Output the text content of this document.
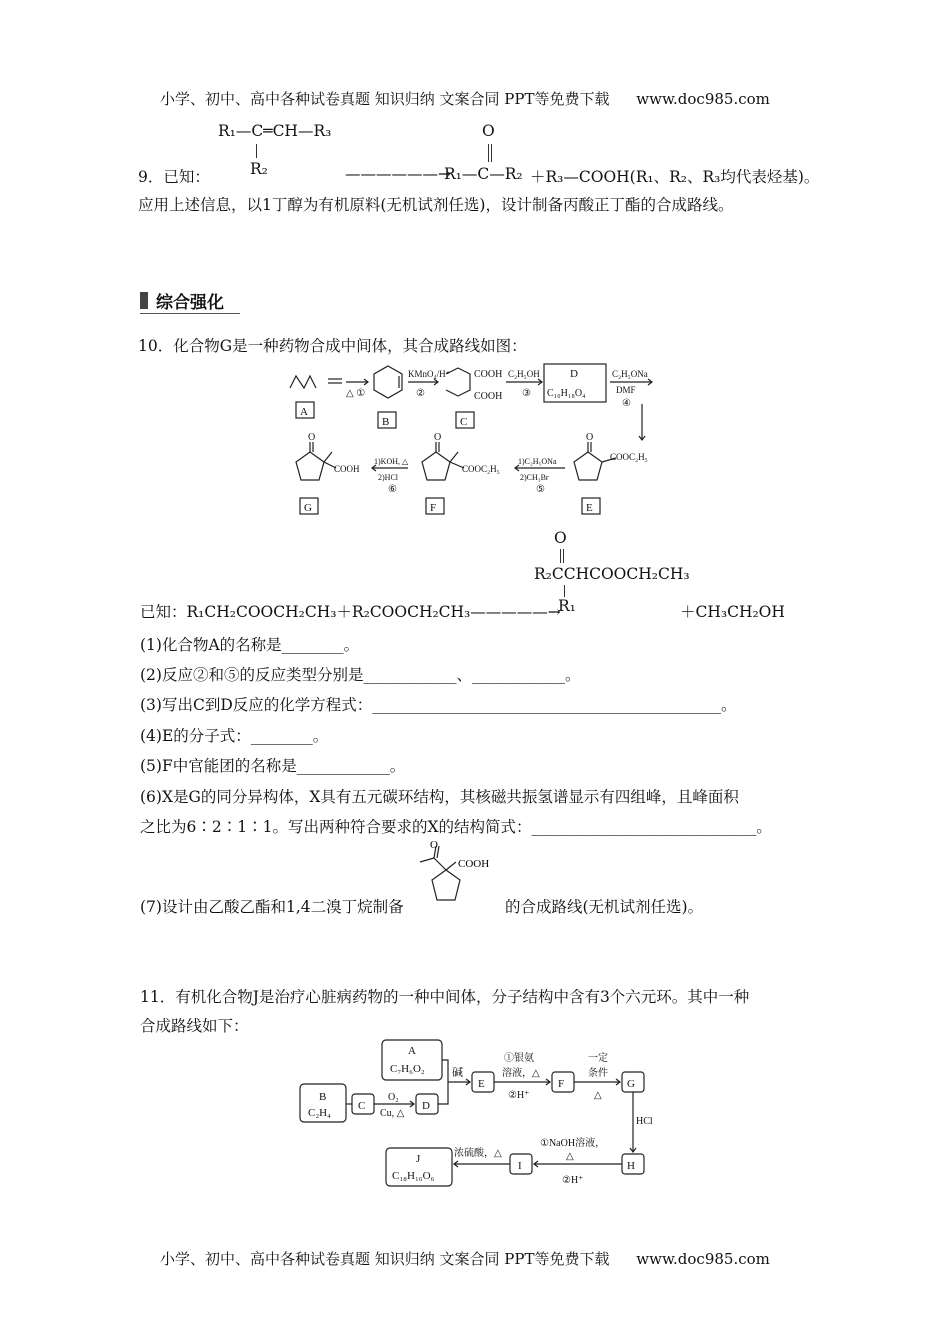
小学、初中、高中各种试卷真题 知识归纳 文案合同 PPT等免费下载 www.doc985.com
R₁—C═CH—R₃
R₂
9．已知：	——————→
O
R₁—C—R₂ ＋R₃—COOH(R₁、R₂、R₃均代表烃基)。
应用上述信息，以1丁醇为有机原料(无机试剂任选)，设计制备丙酸正丁酯的合成路线。
综合强化
10．化合物G是一种药物合成中间体，其合成路线如图：
A
B	C
E
F
G
D
C₁₀H₁₈O₄
△ ①
KMnO₄/H⁺
②
COOH
COOH
C₂H₅OH
③
C₂H₅ONa
DMF
④
O
COOC₂H₅
1)C₂H₅ONa
2)CH₃Br
⑤
O
COOC₂H₅
1)KOH, △
2)HCl
⑥
O
COOH
O
R₂CCHCOOCH₂CH₃
R₁
已知：R₁CH₂COOCH₂CH₃＋R₂COOCH₂CH₃—————→	＋CH₃CH₂OH
(1)化合物A的名称是________。
(2)反应②和⑤的反应类型分别是____________、____________。
(3)写出C到D反应的化学方程式：_____________________________________________。
(4)E的分子式：________。
(5)F中官能团的名称是____________。
(6)X是G的同分异构体，X具有五元碳环结构，其核磁共振氢谱显示有四组峰，且峰面积
之比为6∶2∶1∶1。写出两种符合要求的X的结构简式：_____________________________。
O
COOH
(7)设计由乙酸乙酯和1,4二溴丁烷制备	的合成路线(无机试剂任选)。
11．有机化合物J是治疗心脏病药物的一种中间体，分子结构中含有3个六元环。其中一种
合成路线如下：
A
C₇H₆O₂
B
C₂H₄
C	D
E	F	G
H
I
J
C₁₈H₁₆O₆
O₂
Cu, △
碱
①银氨
溶液，△
②H⁺
一定
条件
△
HCl
①NaOH溶液，
△
②H⁺
浓硫酸，△
小学、初中、高中各种试卷真题 知识归纳 文案合同 PPT等免费下载 www.doc985.com
